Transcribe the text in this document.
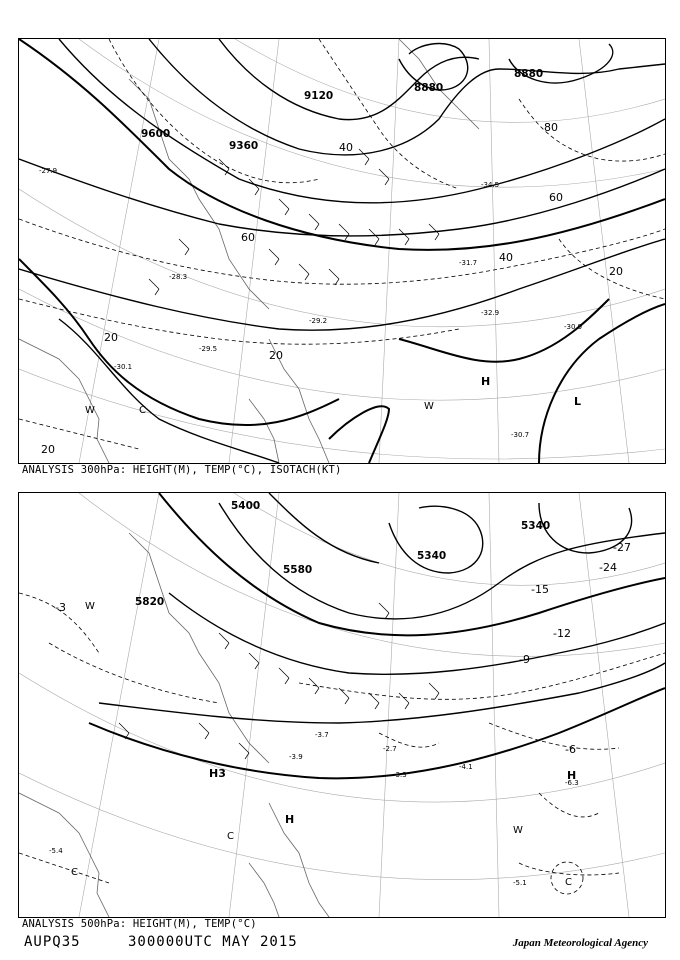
9600
9360
9120
8880
8880
20
40
60
80
20
60
40
20
20
-27.9
-28.3
-29.5
-30.1
-31.7
-32.9
-34.5
-30.9
-30.7
-29.2
H
L
W	C	W
ANALYSIS 300hPa: HEIGHT(M), TEMP(°C), ISOTACH(KT)
5820
5580
5340
5340
5400
-3
-6
-9
-12
-15
-24
-27
-4.1
-3.3
-2.7
-5.1
-6.3
-3.9
-3.7
-5.4
H
H
H3
W
C
C
W
C
ANALYSIS 500hPa: HEIGHT(M), TEMP(°C)
AUPQ35	300000UTC MAY 2015	Japan Meteorological Agency
